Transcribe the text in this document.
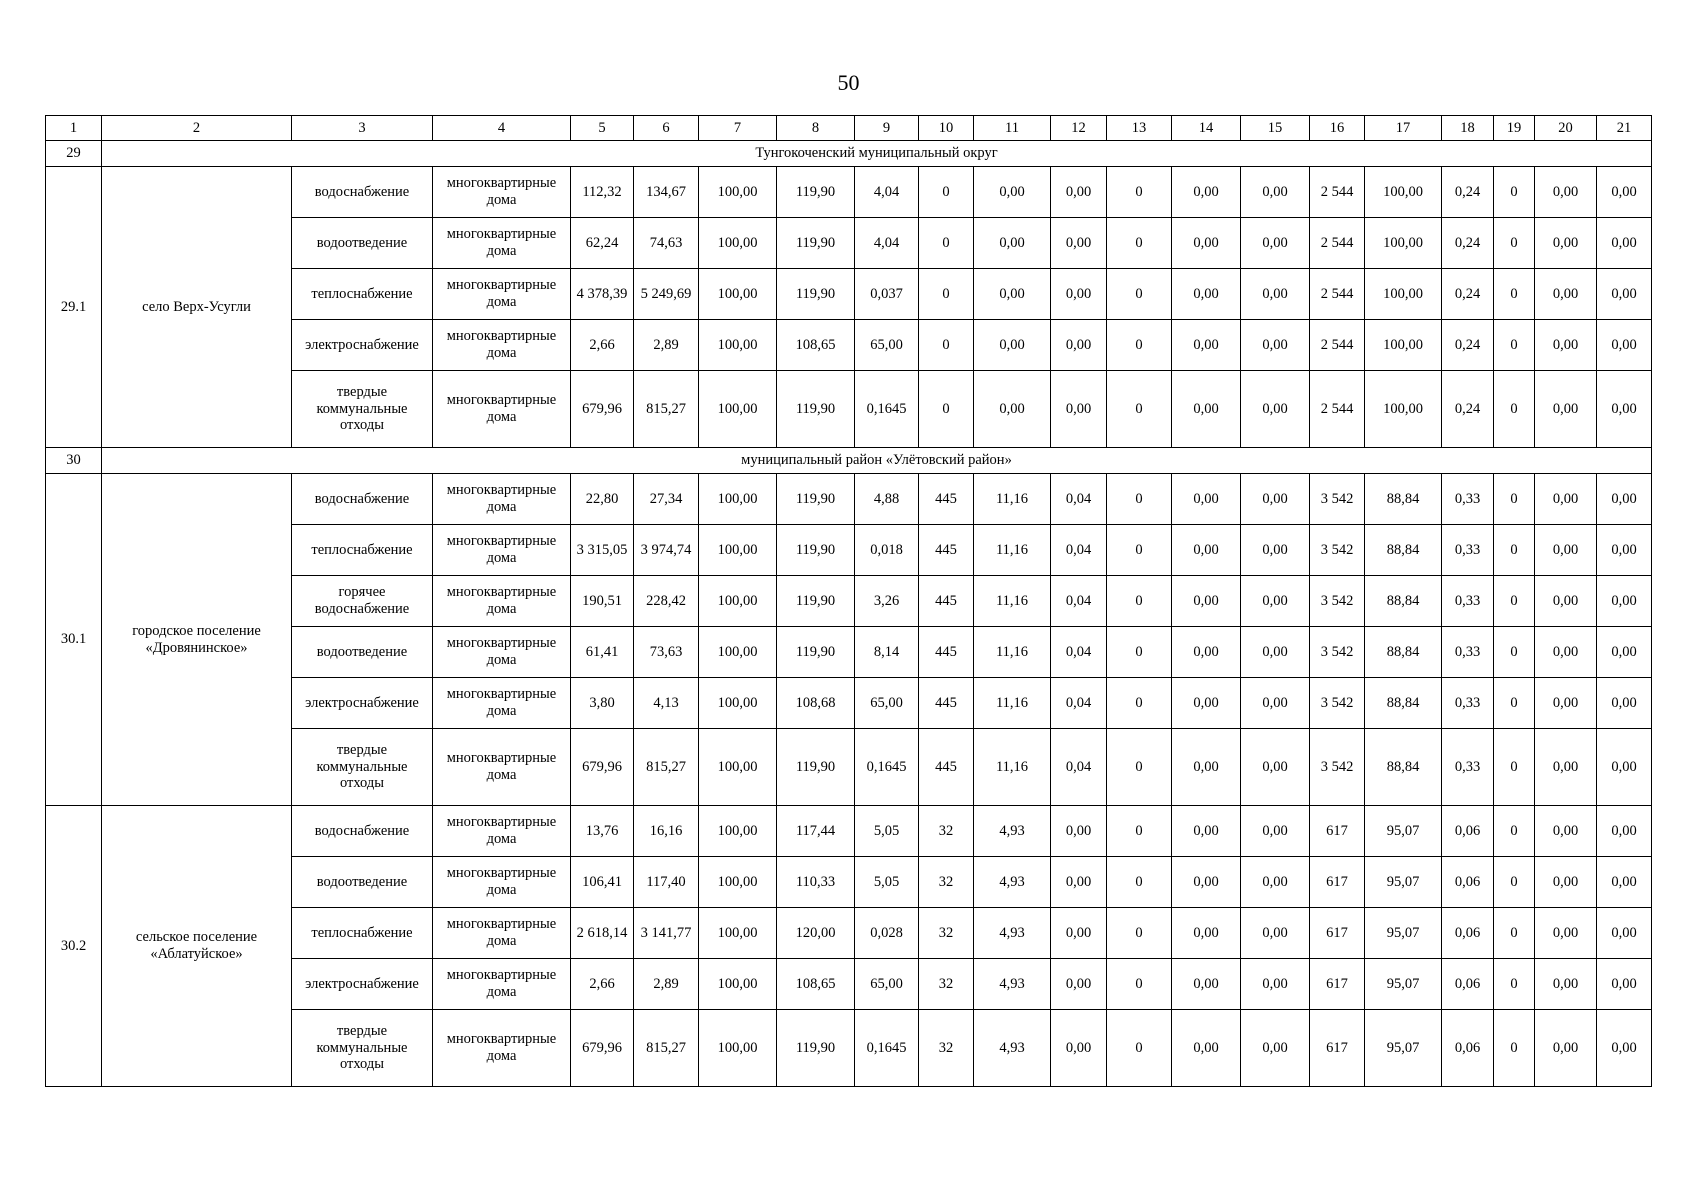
50
1	2	3	4	5	6	7	8	9	10	11	12	13	14	15	16	17	18	19	20	21
29	Тунгокоченский муниципальный округ																			
29.1	село Верх-Усугли	водоснабжение	многоквартирные дома	112,32	134,67	100,00	119,90	4,04	0	0,00	0,00	0	0,00	0,00	2 544	100,00	0,24	0	0,00	0,00
		водоотведение	многоквартирные дома	62,24	74,63	100,00	119,90	4,04	0	0,00	0,00	0	0,00	0,00	2 544	100,00	0,24	0	0,00	0,00
		теплоснабжение	многоквартирные дома	4 378,39	5 249,69	100,00	119,90	0,037	0	0,00	0,00	0	0,00	0,00	2 544	100,00	0,24	0	0,00	0,00
		электроснабжение	многоквартирные дома	2,66	2,89	100,00	108,65	65,00	0	0,00	0,00	0	0,00	0,00	2 544	100,00	0,24	0	0,00	0,00
		твердые коммунальные отходы	многоквартирные дома	679,96	815,27	100,00	119,90	0,1645	0	0,00	0,00	0	0,00	0,00	2 544	100,00	0,24	0	0,00	0,00
30	муниципальный район «Улётовский район»																			
30.1	городское поселение «Дровянинское»	водоснабжение	многоквартирные дома	22,80	27,34	100,00	119,90	4,88	445	11,16	0,04	0	0,00	0,00	3 542	88,84	0,33	0	0,00	0,00
		теплоснабжение	многоквартирные дома	3 315,05	3 974,74	100,00	119,90	0,018	445	11,16	0,04	0	0,00	0,00	3 542	88,84	0,33	0	0,00	0,00
		горячее водоснабжение	многоквартирные дома	190,51	228,42	100,00	119,90	3,26	445	11,16	0,04	0	0,00	0,00	3 542	88,84	0,33	0	0,00	0,00
		водоотведение	многоквартирные дома	61,41	73,63	100,00	119,90	8,14	445	11,16	0,04	0	0,00	0,00	3 542	88,84	0,33	0	0,00	0,00
		электроснабжение	многоквартирные дома	3,80	4,13	100,00	108,68	65,00	445	11,16	0,04	0	0,00	0,00	3 542	88,84	0,33	0	0,00	0,00
		твердые коммунальные отходы	многоквартирные дома	679,96	815,27	100,00	119,90	0,1645	445	11,16	0,04	0	0,00	0,00	3 542	88,84	0,33	0	0,00	0,00
30.2	сельское поселение «Аблатуйское»	водоснабжение	многоквартирные дома	13,76	16,16	100,00	117,44	5,05	32	4,93	0,00	0	0,00	0,00	617	95,07	0,06	0	0,00	0,00
		водоотведение	многоквартирные дома	106,41	117,40	100,00	110,33	5,05	32	4,93	0,00	0	0,00	0,00	617	95,07	0,06	0	0,00	0,00
		теплоснабжение	многоквартирные дома	2 618,14	3 141,77	100,00	120,00	0,028	32	4,93	0,00	0	0,00	0,00	617	95,07	0,06	0	0,00	0,00
		электроснабжение	многоквартирные дома	2,66	2,89	100,00	108,65	65,00	32	4,93	0,00	0	0,00	0,00	617	95,07	0,06	0	0,00	0,00
		твердые коммунальные отходы	многоквартирные дома	679,96	815,27	100,00	119,90	0,1645	32	4,93	0,00	0	0,00	0,00	617	95,07	0,06	0	0,00	0,00
